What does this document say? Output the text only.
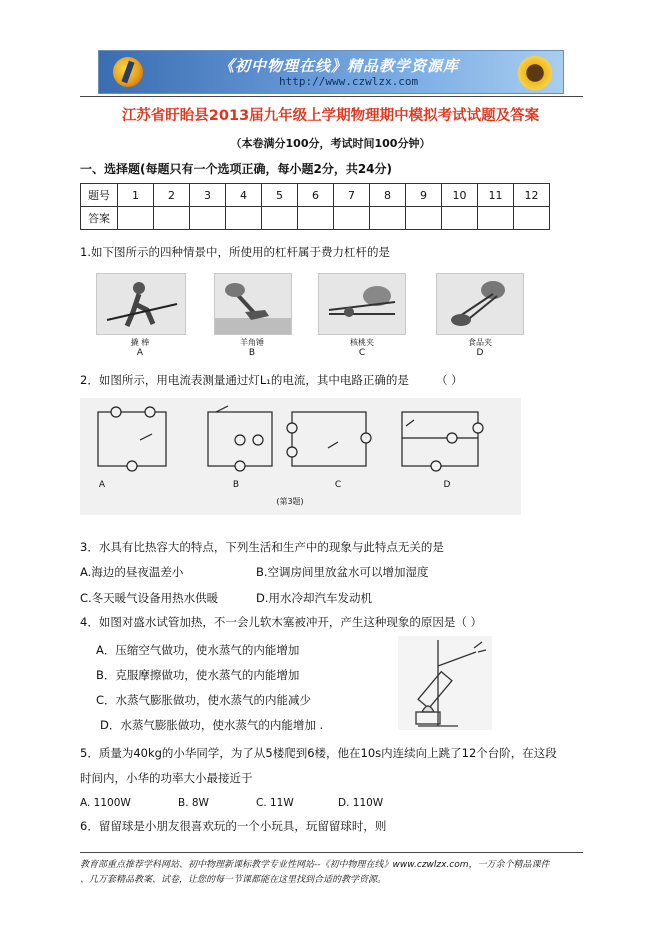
《初中物理在线》精品教学资源库
http://www.czwlzx.com
江苏省盱眙县2013届九年级上学期物理期中模拟考试试题及答案
（本卷满分100分，考试时间100分钟）
一、选择题(每题只有一个选项正确，每小题2分，共24分)
题号	1	2	3	4	5	6	7	8	9	10	11	12
答案												
1.如下图所示的四种情景中，所使用的杠杆属于费力杠杆的是
撬 棒	羊角锤	核桃夹	食品夹
A	B	C	D
2．如图所示，用电流表测量通过灯L₁的电流，其中电路正确的是 （ ）
A	B	C	D
(第3题)
3．水具有比热容大的特点，下列生活和生产中的现象与此特点无关的是
A.海边的昼夜温差小	B.空调房间里放盆水可以增加湿度
C.冬天暖气设备用热水供暖	D.用水冷却汽车发动机
4．如图对盛水试管加热，不一会儿软木塞被冲开，产生这种现象的原因是（ ）
A．压缩空气做功，使水蒸气的内能增加
B．克服摩擦做功，使水蒸气的内能增加
C．水蒸气膨胀做功，使水蒸气的内能减少
D．水蒸气膨胀做功，使水蒸气的内能增加 .
5．质量为40kg的小华同学，为了从5楼爬到6楼，他在10s内连续向上跳了12个台阶，在这段
时间内，小华的功率大小最接近于
A. 1100W	B. 8W	C. 11W	D. 110W
6．留留球是小朋友很喜欢玩的一个小玩具，玩留留球时，则
教育部重点推荐学科网站、初中物理新课标教学专业性网站--《初中物理在线》www.czwlzx.com，一万余个精品课件
、几万套精品教案、试卷，让您的每一节课都能在这里找到合适的教学资源。
